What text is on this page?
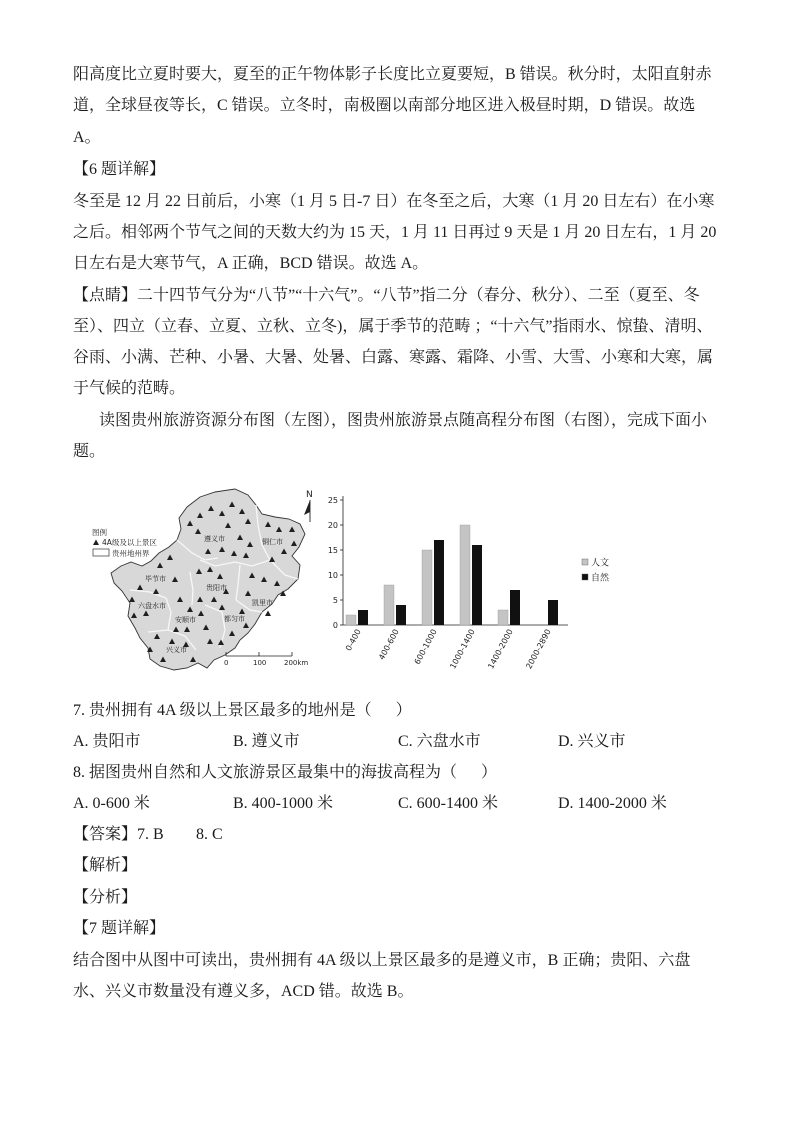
阳高度比立夏时要大，夏至的正午物体影子长度比立夏要短，B 错误。秋分时，太阳直射赤
道，全球昼夜等长，C 错误。立冬时，南极圈以南部分地区进入极昼时期，D 错误。故选
A。
【6 题详解】
冬至是 12 月 22 日前后，小寒（1 月 5 日-7 日）在冬至之后，大寒（1 月 20 日左右）在小寒
之后。相邻两个节气之间的天数大约为 15 天，1 月 11 日再过 9 天是 1 月 20 日左右，1 月 20
日左右是大寒节气，A 正确，BCD 错误。故选 A。
【点睛】二十四节气分为“八节”“十六气”。“八节”指二分（春分、秋分）、二至（夏至、冬
至）、四立（立春、立夏、立秋、立冬)，属于季节的范畴 ；“十六气”指雨水、惊蛰、清明、
谷雨、小满、芒种、小暑、大暑、处暑、白露、寒露、霜降、小雪、大雪、小寒和大寒，属
于气候的范畴。
读图贵州旅游资源分布图（左图），图贵州旅游景点随高程分布图（右图），完成下面小
题。
遵义市	铜仁市
毕节市
贵阳市
凯里市
六盘水市
安顺市	都匀市
兴义市
图例
4A级及以上景区
贵州地州界
0	100	200km
N
0
5
10
15
20
25
0-400 400-600 600-1000 1000-1400 1400-2000 2000-2890
人文
自然
7. 贵州拥有 4A 级以上景区最多的地州是（      ）
A. 贵阳市	B. 遵义市	C. 六盘水市	D. 兴义市
8. 据图贵州自然和人文旅游景区最集中的海拔高程为（      ）
A. 0-600 米	B. 400-1000 米	C. 600-1400 米	D. 1400-2000 米
【答案】7. B 8. C
【解析】
【分析】
【7 题详解】
结合图中从图中可读出，贵州拥有 4A 级以上景区最多的是遵义市，B 正确；贵阳、六盘
水、兴义市数量没有遵义多，ACD 错。故选 B。
